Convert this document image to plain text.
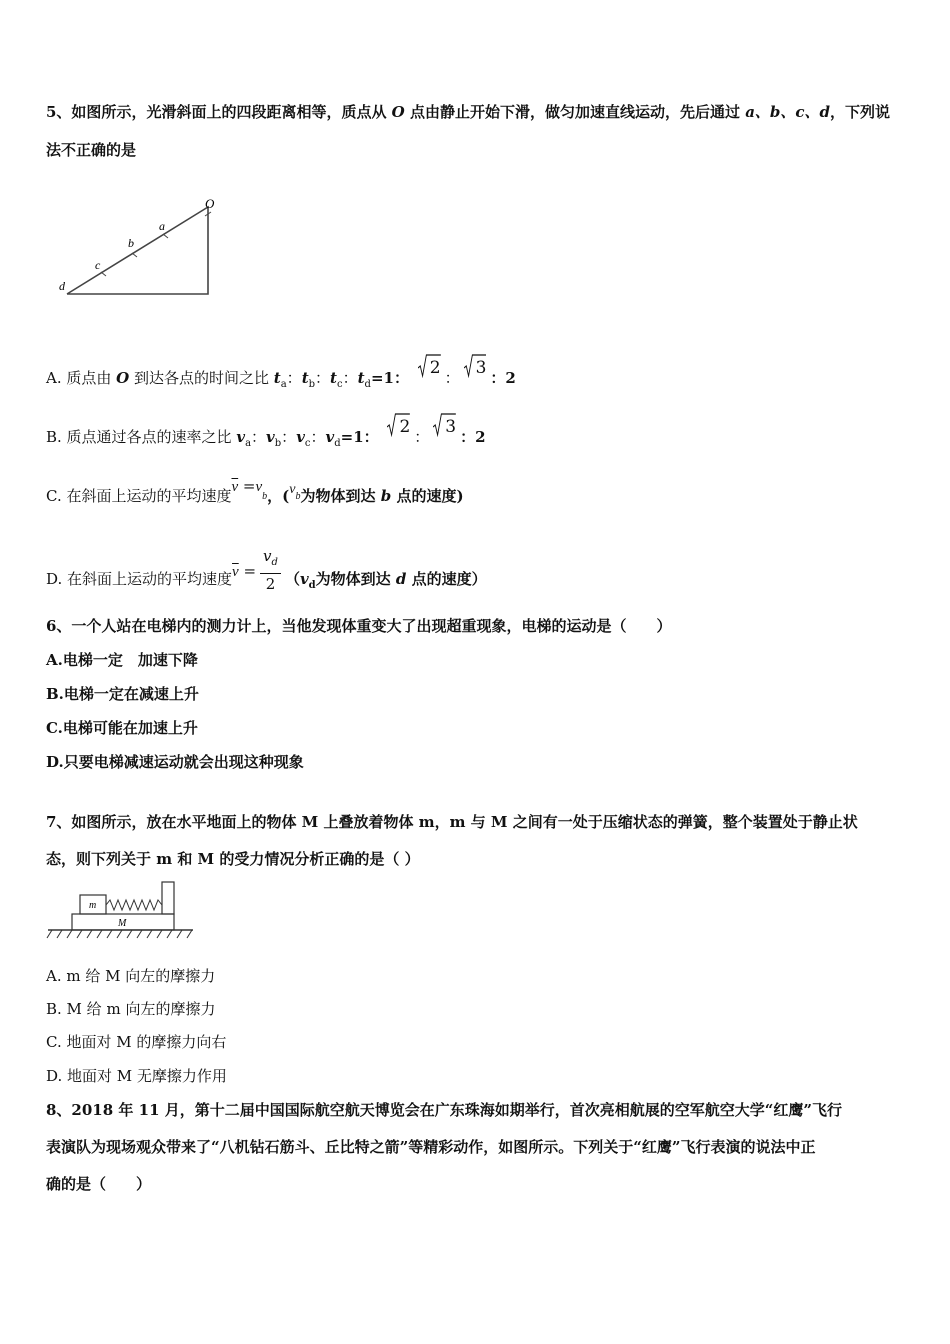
5、如图所示，光滑斜面上的四段距离相等，质点从 O 点由静止开始下滑，做匀加速直线运动，先后通过 a、b、c、d，下列说
法不正确的是
O
a
b
c
d
A. 质点由 O 到达各点的时间之比 $t_a$：$t_b$：$t_c$：$t_d=1$： 2 ： 3 ：2
B. 质点通过各点的速率之比 $v_a$：$v_b$：$v_c$：$v_d=1$： 2 ： 3 ：2
C. 在斜面上运动的平均速度$\overline{v} =v_b$，($v_b$为物体到达 b 点的速度)
D. 在斜面上运动的平均速度$\overline{v} = \frac{v_d}{2} (v_d$为物体到达 d 点的速度）
6、一个人站在电梯内的测力计上，当他发现体重变大了出现超重现象，电梯的运动是（　　）
A.电梯一定　加速下降
B.电梯一定在减速上升
C.电梯可能在加速上升
D.只要电梯减速运动就会出现这种现象
7、如图所示，放在水平地面上的物体 M 上叠放着物体 m，m 与 M 之间有一处于压缩状态的弹簧，整个装置处于静止状
态，则下列关于 m 和 M 的受力情况分析正确的是（ ）
m
M
A. m 给 M 向左的摩擦力
B. M 给 m 向左的摩擦力
C. 地面对 M 的摩擦力向右
D. 地面对 M 无摩擦力作用
8、2018 年 11 月，第十二届中国国际航空航天博览会在广东珠海如期举行，首次亮相航展的空军航空大学“红鹰”飞行
表演队为现场观众带来了“八机钻石筋斗、丘比特之箭”等精彩动作，如图所示。下列关于“红鹰”飞行表演的说法中正
确的是（　　）
